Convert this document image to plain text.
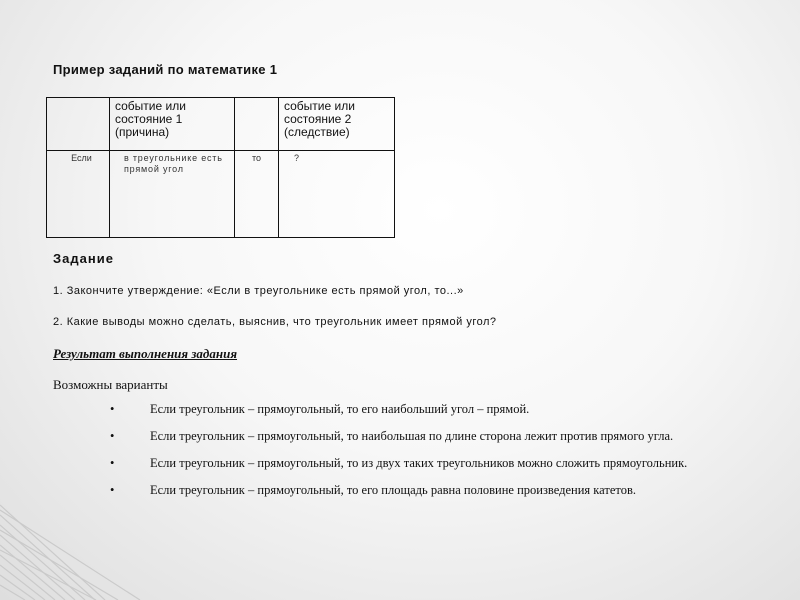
Пример заданий по математике 1
	событие или состояние 1 (причина)		событие или состояние 2 (следствие)
Если	в треугольнике есть прямой угол	то	?
Задание
1. Закончите утверждение: «Если в треугольнике есть прямой угол, то...»
2. Какие выводы можно сделать, выяснив, что треугольник имеет прямой угол?
Результат выполнения задания
Возможны варианты
•	Если треугольник – прямоугольный, то его наибольший угол – прямой.
•	Если треугольник – прямоугольный, то наибольшая по длине сторона лежит против прямого угла.
•	Если треугольник – прямоугольный, то из двух таких треугольников можно сложить прямоугольник.
•	Если треугольник – прямоугольный, то его площадь равна половине произведения катетов.
